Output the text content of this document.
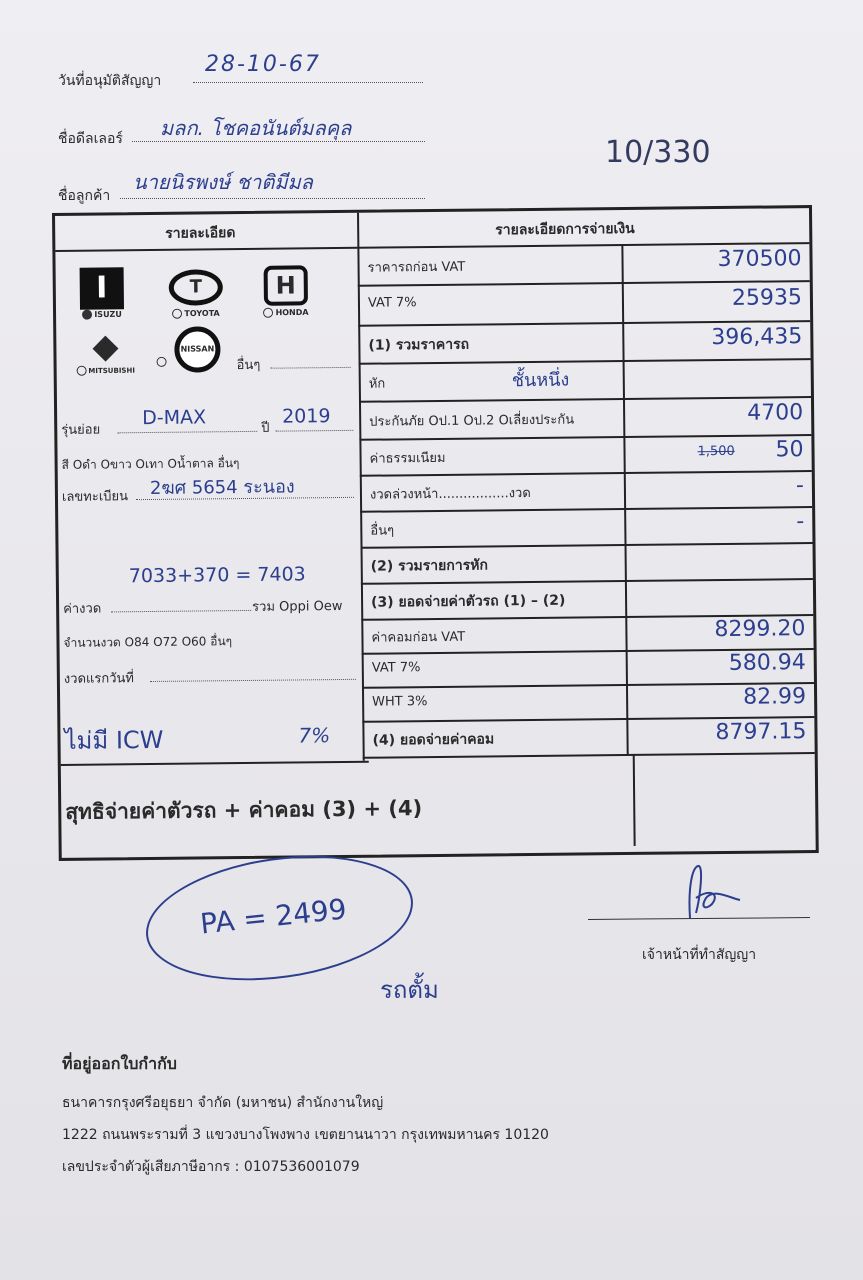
วันที่อนุมัติสัญญา
28-10-67
ชื่อดีลเลอร์ มลก. โชคอนันต์มลคุล
ชื่อลูกค้า
นายนิรพงษ์ ชาติมีมล
10/330
รายละเอียด	รายละเอียดการจ่ายเงิน
I
ISUZU
T
TOYOTA
H
HONDA
◆
MITSUBISHI
NISSAN
อื่นๆ
รุ่นย่อย
D-MAX	ปี
2019
สี Oดำ Oขาว Oเทา Oน้ำตาล อื่นๆ
เลขทะเบียน 2ฆศ 5654 ระนอง
7033+370 = 7403
ค่างวด	รวม Oppi Oew
จำนวนงวด O84 O72 O60 อื่นๆ
งวดแรกวันที่
ไม่มี ICW	7%
ราคารถก่อน VAT	370500
VAT 7%	25935
(1) รวมราคารถ	396,435
หัก	ชั้นหนึ่ง
ประกันภัย Oป.1 Oป.2 Oเลี่ยงประกัน	4700
ค่าธรรมเนียม	50
1,500
งวดล่วงหน้า.................งวด	-
อื่นๆ	-
(2) รวมรายการหัก
(3) ยอดจ่ายค่าตัวรถ (1) – (2)
ค่าคอมก่อน VAT	8299.20
VAT 7%	580.94
WHT 3%	82.99
(4) ยอดจ่ายค่าคอม	8797.15
สุทธิจ่ายค่าตัวรถ + ค่าคอม (3) + (4)
PA = 2499
รถตั้ม
เจ้าหน้าที่ทำสัญญา
ที่อยู่ออกใบกำกับ
ธนาคารกรุงศรีอยุธยา จำกัด (มหาชน) สำนักงานใหญ่
1222 ถนนพระรามที่ 3 แขวงบางโพงพาง เขตยานนาวา กรุงเทพมหานคร 10120
เลขประจำตัวผู้เสียภาษีอากร : 0107536001079
